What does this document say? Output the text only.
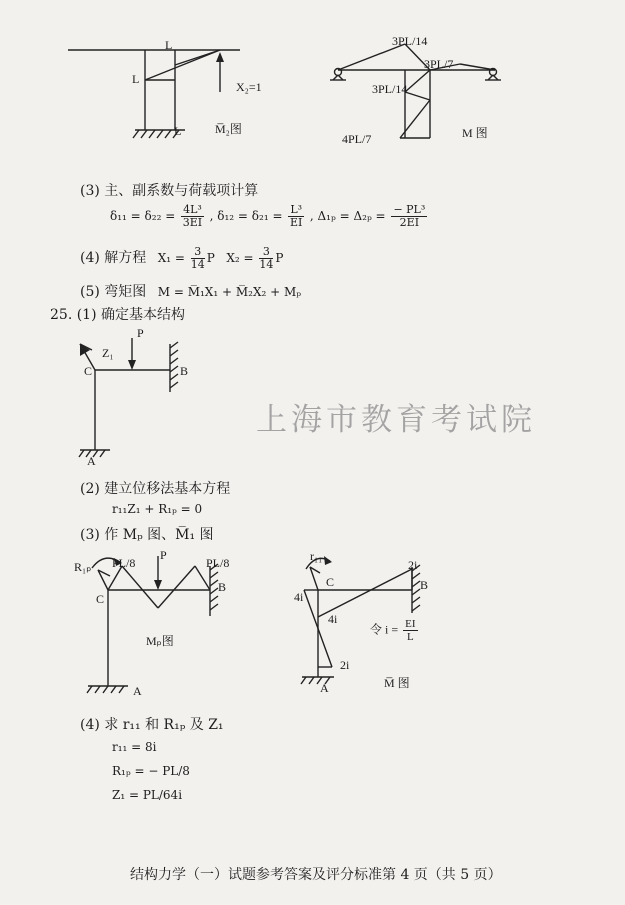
L
L
L
X₂=1
M̅₂图
3PL/14
3PL/7
3PL/14
4PL/7	M 图
(3) 主、副系数与荷载项计算
$\delta_{11} = \delta_{22} = \frac{\text{4L³}}{3EI}$ , $\delta_{12} = \delta_{21} = \frac{\text{L³}}{EI}$ , $\Delta_{1p} = \Delta_{2p} = \frac{\text{− PL³}}{2EI}$
(4) 解方程 $X_1 = \frac{3}{14}$ P $X_2 = \frac{3}{14}$ P
(5) 弯矩图 M = M̅₁X₁ + M̅₂X₂ + Mₚ
25. (1) 确定基本结构
P
Z₁
C	B
A
上海市教育考试院
(2) 建立位移法基本方程
r₁₁Z₁ + R₁ₚ = 0
(3) 作 Mₚ 图、M̅₁ 图
R₁ₚ PL/8
P
PL/8
C
B
A
Mₚ图
r₁₁
C	B
4i
4i
2i
2i
A
令 $i = \frac{EI}{L}$
M̅ 图
(4) 求 r₁₁ 和 R₁ₚ 及 Z₁
r₁₁ = 8i
R₁ₚ = − PL/8
Z₁ = PL/64i
结构力学（一）试题参考答案及评分标准第 4 页（共 5 页）
